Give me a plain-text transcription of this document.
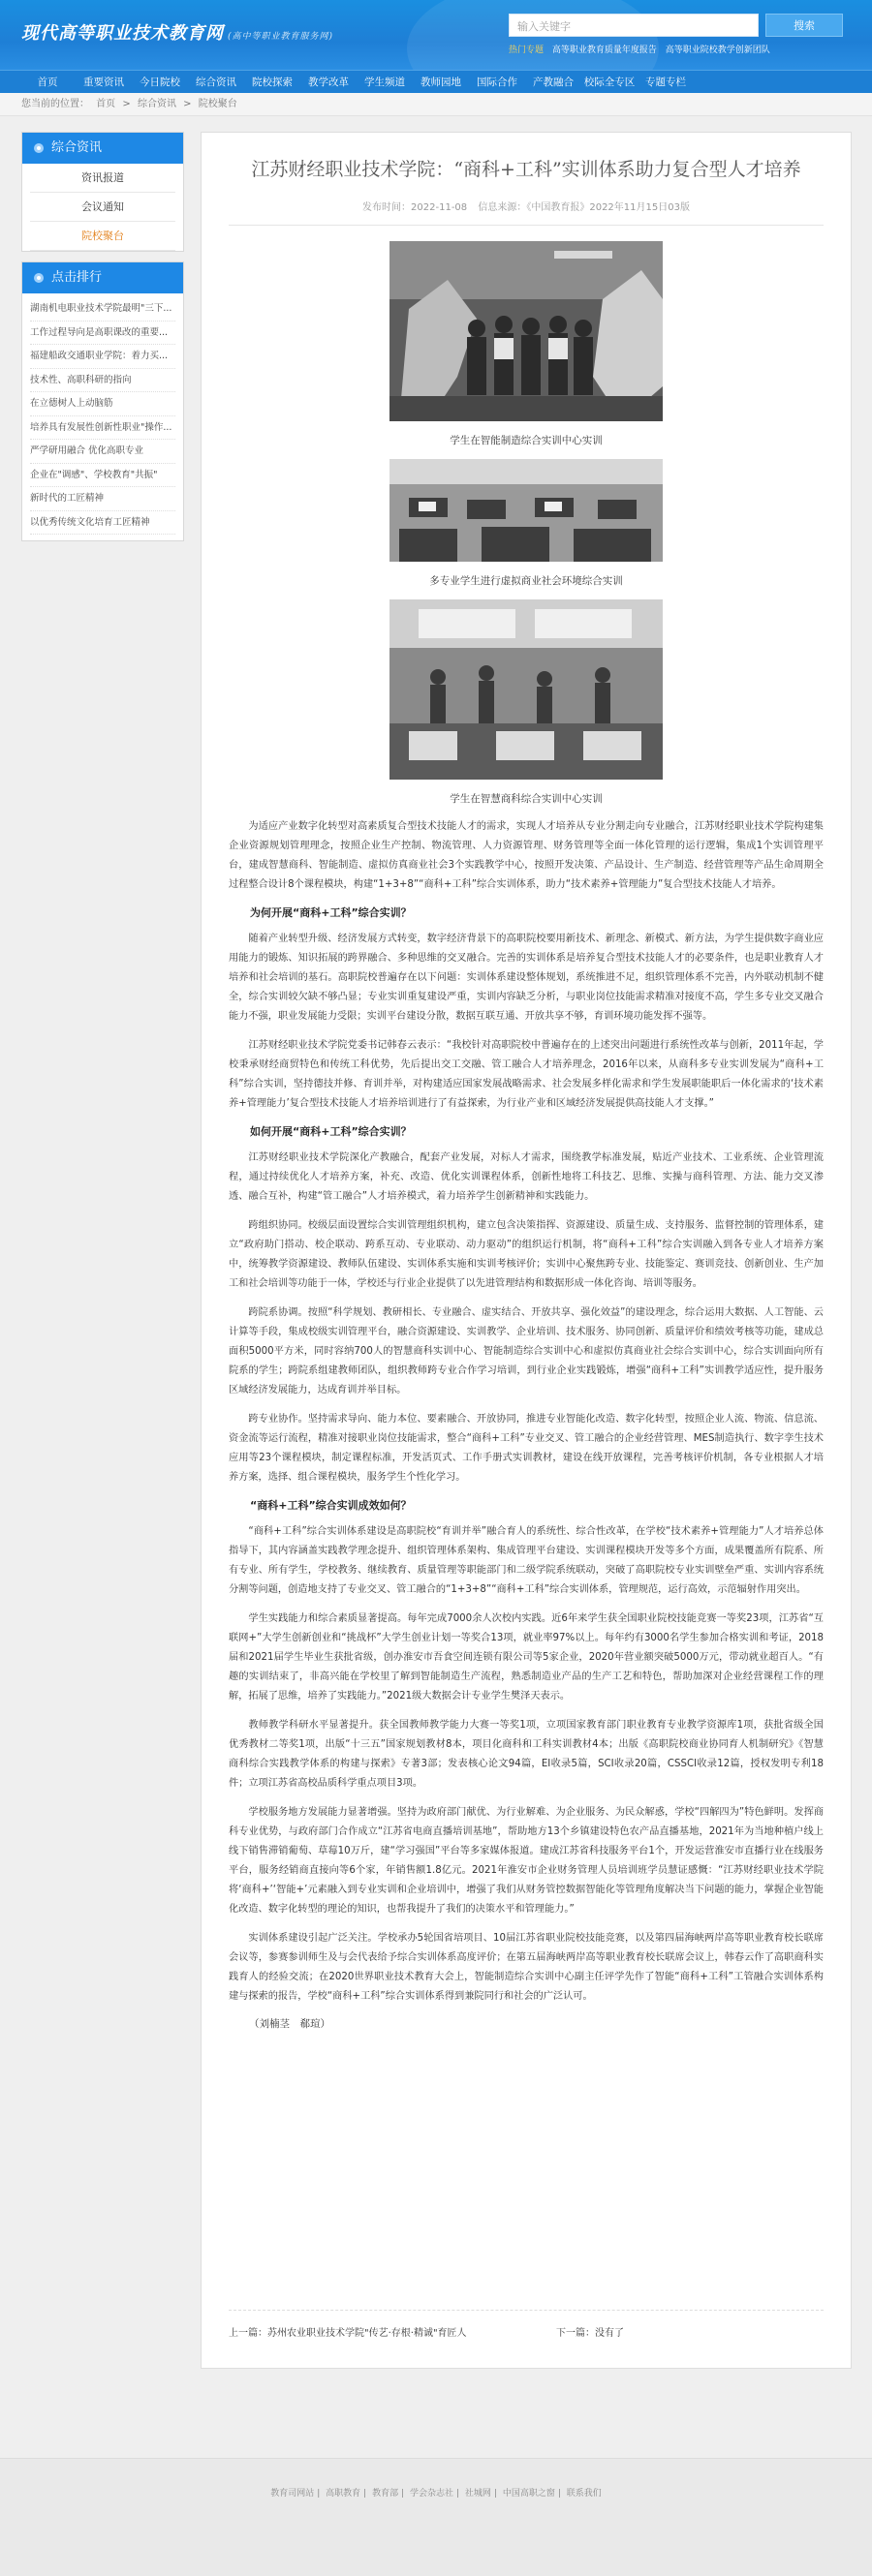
现代高等职业技术教育网 (高中等职业教育服务网)
输入关键字	搜索
热门专题 高等职业教育质量年度报告 高等职业院校教学创新团队
首页	重要资讯	今日院校	综合资讯	院校探索	教学改革	学生频道	教师园地	国际合作	产教融合	校际全专区	专题专栏
您当前的位置： 首页 > 综合资讯 > 院校聚台
综合资讯
资讯报道
会议通知
院校聚台
点击排行
湖南机电职业技术学院最明"三下...
工作过程导向是高职课改的重要...
福建船政交通职业学院：着力买...
技术性、高职科研的指向
在立德树人上动脑筋
培养具有发展性创新性职业"操作...
严学研用融合 优化高职专业
企业在"调感"、学校教育"共振"
新时代的工匠精神
以优秀传统文化培育工匠精神
江苏财经职业技术学院：“商科+工科”实训体系助力复合型人才培养
发布时间：2022-11-08 信息来源：《中国教育报》2022年11月15日03版
学生在智能制造综合实训中心实训
多专业学生进行虚拟商业社会环境综合实训
学生在智慧商科综合实训中心实训

为适应产业数字化转型对高素质复合型技术技能人才的需求，实现人才培养从专业分割走向专业融合，江苏财经职业技术学院构建集企业资源规划管理理念，按照企业生产控制、物流管理、人力资源管理、财务管理等全面一体化管理的运行逻辑，集成1个实训管理平台，建成智慧商科、智能制造、虚拟仿真商业社会3个实践教学中心，按照开发决策、产品设计、生产制造、经营管理等产品生命周期全过程整合设计8个课程模块，构建“1+3+8”“商科+工科”综合实训体系，助力“技术素养+管理能力”复合型技术技能人才培养。

为何开展“商科+工科”综合实训？

随着产业转型升级、经济发展方式转变，数字经济背景下的高职院校要用新技术、新理念、新模式、新方法，为学生提供数字商业应用能力的锻炼、知识拓展的跨界融合、多种思维的交叉融合。完善的实训体系是培养复合型技术技能人才的必要条件，也是职业教育人才培养和社会培训的基石。高职院校普遍存在以下问题：实训体系建设整体规划，系统推进不足，组织管理体系不完善，内外联动机制不健全，综合实训较欠缺不够凸显；专业实训重复建设严重，实训内容缺乏分析，与职业岗位技能需求精准对接度不高，学生多专业交叉融合能力不强，职业发展能力受限；实训平台建设分散，数据互联互通、开放共享不够，育训环境功能发挥不强等。

江苏财经职业技术学院党委书记韩春云表示：“我校针对高职院校中普遍存在的上述突出问题进行系统性改革与创新，2011年起，学校秉承财经商贸特色和传统工科优势，先后提出交工交融、管工融合人才培养理念，2016年以来，从商科多专业实训发展为“商科+工科”综合实训，坚持德技并修、育训并举，对构建适应国家发展战略需求、社会发展多样化需求和学生发展职能职后一体化需求的‘技术素养+管理能力’复合型技术技能人才培养培训进行了有益探索，为行业产业和区域经济发展提供高技能人才支撑。”

如何开展“商科+工科”综合实训？

江苏财经职业技术学院深化产教融合，配套产业发展，对标人才需求，围绕教学标准发展，贴近产业技术、工业系统、企业管理流程，通过持续优化人才培养方案，补充、改造、优化实训课程体系，创新性地将工科技艺、思维、实操与商科管理、方法、能力交叉渗透、融合互补，构建“管工融合”人才培养模式，着力培养学生创新精神和实践能力。

跨组织协同。校级层面设置综合实训管理组织机构，建立包含决策指挥、资源建设、质量生成、支持服务、监督控制的管理体系，建立“政府助门搭动、校企联动、跨系互动、专业联动、动力驱动”的组织运行机制，将“商科+工科”综合实训融入到各专业人才培养方案中，统筹教学资源建设、教师队伍建设、实训体系实施和实训考核评价；实训中心聚焦跨专业、技能鉴定、赛训竞技、创新创业、生产加工和社会培训等功能于一体，学校还与行业企业提供了以先进管理结构和数据形成一体化咨询、培训等服务。

跨院系协调。按照“科学规划、教研相长、专业融合、虚实结合、开放共享、强化效益”的建设理念，综合运用大数据、人工智能、云计算等手段，集成校级实训管理平台，融合资源建设、实训教学、企业培训、技术服务、协同创新、质量评价和绩效考核等功能，建成总面积5000平方米，同时容纳700人的智慧商科实训中心、智能制造综合实训中心和虚拟仿真商业社会综合实训中心，综合实训面向所有院系的学生；跨院系组建教师团队，组织教师跨专业合作学习培训，到行业企业实践锻炼，增强“商科+工科”实训教学适应性，提升服务区域经济发展能力，达成育训并举目标。

跨专业协作。坚持需求导向、能力本位、要素融合、开放协同，推进专业智能化改造、数字化转型，按照企业人流、物流、信息流、资金流等运行流程，精准对接职业岗位技能需求，整合“商科+工科”专业交叉、管工融合的企业经营管理、MES制造执行、数字孪生技术应用等23个课程模块，制定课程标准，开发活页式、工作手册式实训教材，建设在线开放课程，完善考核评价机制，各专业根据人才培养方案，选择、组合课程模块，服务学生个性化学习。

“商科+工科”综合实训成效如何？

“商科+工科”综合实训体系建设是高职院校“育训并举”融合育人的系统性、综合性改革，在学校“技术素养+管理能力”人才培养总体指导下，其内容涵盖实践教学理念提升、组织管理体系架构、集成管理平台建设、实训课程模块开发等多个方面，成果覆盖所有院系、所有专业、所有学生，学校教务、继续教育、质量管理等职能部门和二级学院系统联动，突破了高职院校专业实训壁垒严重、实训内容系统分割等问题，创造地支持了专业交叉、管工融合的“1+3+8”“商科+工科”综合实训体系，管理规范，运行高效，示范辐射作用突出。

学生实践能力和综合素质显著提高。每年完成7000余人次校内实践。近6年来学生获全国职业院校技能竞赛一等奖23项，江苏省“互联网+”大学生创新创业和“挑战杯”大学生创业计划一等奖合13项，就业率97%以上。每年约有3000名学生参加合格实训和考证，2018届和2021届学生毕业生获批省级，创办淮安市吾食空间连锁有限公司等5家企业，2020年营业额突破5000万元，带动就业超百人。“有趣的实训结束了，非高兴能在学校里了解到智能制造生产流程，熟悉制造业产品的生产工艺和特色，帮助加深对企业经营课程工作的理解，拓展了思维，培养了实践能力。”2021级大数据会计专业学生樊泽天表示。

教师教学科研水平显著提升。获全国教师教学能力大赛一等奖1项，立项国家教育部门职业教育专业教学资源库1项，获批省级全国优秀教材二等奖1项，出版“十三五”国家规划教材8本，项目化商科和工科实训教材4本；出版《高职院校商业协同育人机制研究》《智慧商科综合实践教学体系的构建与探索》专著3部；发表核心论文94篇，EI收录5篇，SCI收录20篇，CSSCI收录12篇，授权发明专利18件；立项江苏省高校品质科学重点项目3项。

学校服务地方发展能力显著增强。坚持为政府部门献优、为行业解难、为企业服务、为民众解惑，学校“四解四为”特色鲜明。发挥商科专业优势，与政府部门合作成立“江苏省电商直播培训基地”，帮助地方13个乡镇建设特色农产品直播基地，2021年为当地种植户线上线下销售滞销葡萄、草莓10万斤，建“学习强国”平台等多家媒体报道。建成江苏省科技服务平台1个，开发运营淮安市直播行业在线服务平台，服务经销商直接向等6个家，年销售额1.8亿元。2021年淮安市企业财务管理人员培训班学员慧证感慨：“江苏财经职业技术学院将‘商科+’‘智能+’元素融入到专业实训和企业培训中，增强了我们从财务管控数据智能化等管理角度解决当下问题的能力，掌握企业智能化改造、数字化转型的理论的知识，也帮我提升了我们的决策水平和管理能力。”

实训体系建设引起广泛关注。学校承办5轮国省培项目、10届江苏省职业院校技能竞赛，以及第四届海峡两岸高等职业教育校长联席会议等，参赛参训师生及与会代表给予综合实训体系高度评价；在第五届海峡两岸高等职业教育校长联席会议上，韩春云作了高职商科实践育人的经验交流；在2020世界职业技术教育大会上，智能制造综合实训中心副主任评学先作了智能“商科+工科”工管融合实训体系构建与探索的报告，学校“商科+工科”综合实训体系得到兼院同行和社会的广泛认可。

（刘楠茎　郗瑄）
上一篇：苏州农业职业技术学院"传艺·存根·精诚"育匠人	下一篇：没有了
教育司网站 | 高职教育 | 教育部 | 学会杂志社 | 社城网 | 中国高职之窗 | 联系我们
